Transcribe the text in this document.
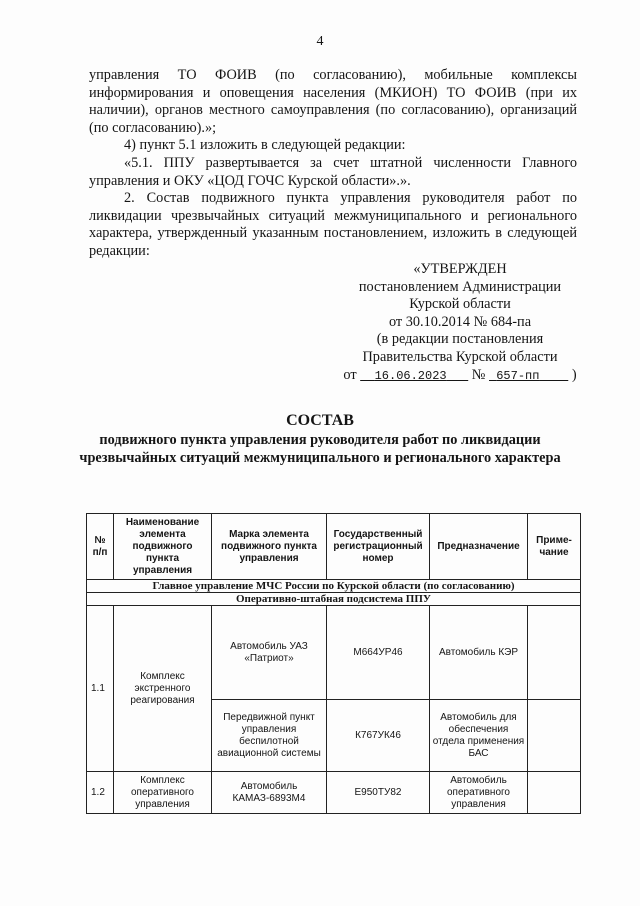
4

управления ТО ФОИВ (по согласованию), мобильные комплексы информирования и оповещения населения (МКИОН) ТО ФОИВ (при их наличии), органов местного самоуправления (по согласованию), организаций (по согласованию).»;

4) пункт 5.1 изложить в следующей редакции:

«5.1. ППУ развертывается за счет штатной численности Главного управления и ОКУ «ЦОД ГОЧС Курской области».».

2. Состав подвижного пункта управления руководителя работ по ликвидации чрезвычайных ситуаций межмуниципального и регионального характера, утвержденный указанным постановлением, изложить в следующей редакции:

«УТВЕРЖДЕН
постановлением Администрации
Курской области
от 30.10.2014 № 684-па
(в редакции постановления
Правительства Курской области
от 16.06.2023 № 657-пп )
СОСТАВ
подвижного пункта управления руководителя работ по ликвидации чрезвычайных ситуаций межмуниципального и регионального характера
№ п/п	Наименование элемента подвижного пункта управления	Марка элемента подвижного пункта управления	Государственный регистрационный номер	Предназначение	Приме-чание
Главное управление МЧС России по Курской области (по согласованию)					
Оперативно-штабная подсистема ППУ					
1.1	Комплекс экстренного реагирования	Автомобиль УАЗ «Патриот»	М664УР46	Автомобиль КЭР	
		Передвижной пункт управления беспилотной авиационной системы	К767УК46	Автомобиль для обеспечения отдела применения БАС	
1.2	Комплекс оперативного управления	Автомобиль КАМАЗ-6893М4	Е950ТУ82	Автомобиль оперативного управления	
